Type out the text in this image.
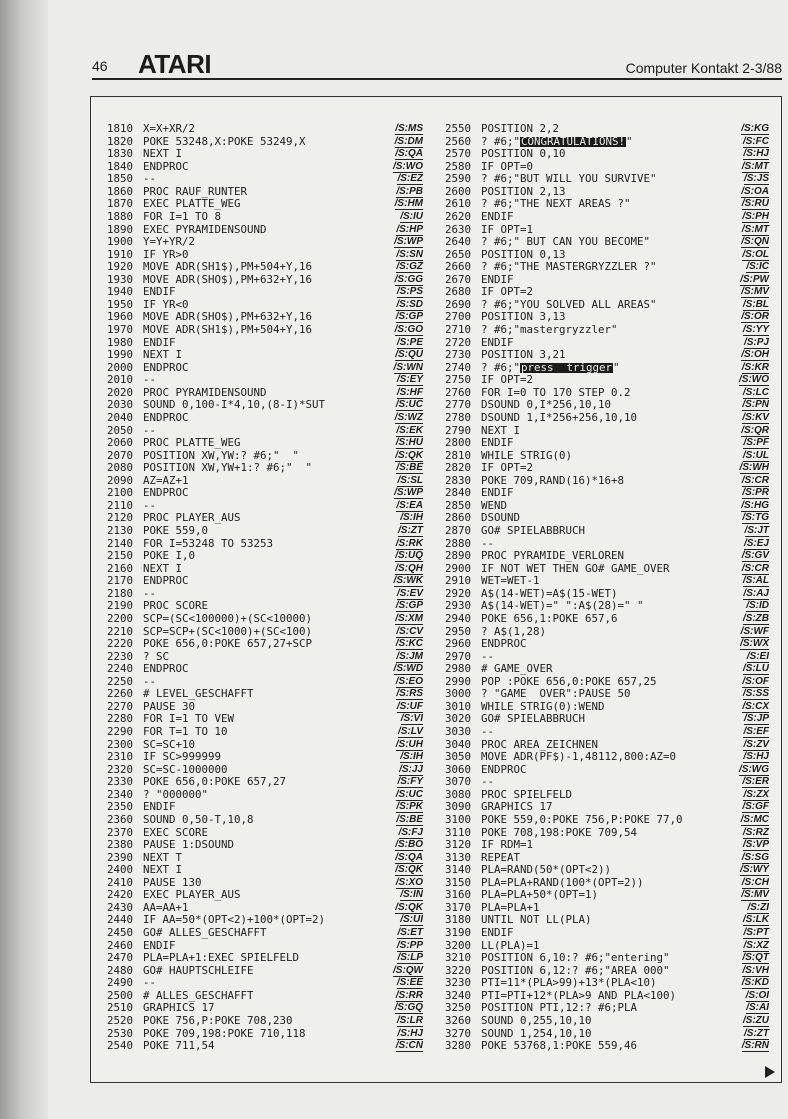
46 ATARI	Computer Kontakt 2-3/88
1810 X=X+XR/2	/S:MS
1820 POKE 53248,X:POKE 53249,X	/S:DM
1830 NEXT I	/S:QA
1840 ENDPROC	/S:WO
1850 --	/S:EZ
1860 PROC RAUF_RUNTER	/S:PB
1870 EXEC PLATTE_WEG	/S:HM
1880 FOR I=1 TO 8	/S:IU
1890 EXEC PYRAMIDENSOUND	/S:HP
1900 Y=Y+YR/2	/S:WP
1910 IF YR>0	/S:SN
1920 MOVE ADR(SH1$),PM+504+Y,16	/S:GZ
1930 MOVE ADR(SHO$),PM+632+Y,16	/S:GG
1940 ENDIF	/S:PS
1950 IF YR<0	/S:SD
1960 MOVE ADR(SHO$),PM+632+Y,16	/S:GP
1970 MOVE ADR(SH1$),PM+504+Y,16	/S:GO
1980 ENDIF	/S:PE
1990 NEXT I	/S:QU
2000 ENDPROC	/S:WN
2010 --	/S:EY
2020 PROC PYRAMIDENSOUND	/S:HF
2030 SOUND 0,100-I*4,10,(8-I)*SUT	/S:UC
2040 ENDPROC	/S:WZ
2050 --	/S:EK
2060 PROC PLATTE_WEG	/S:HU
2070 POSITION XW,YW:? #6;"  "	/S:QK
2080 POSITION XW,YW+1:? #6;"  "	/S:BE
2090 AZ=AZ+1	/S:SL
2100 ENDPROC	/S:WP
2110 --	/S:EA
2120 PROC PLAYER_AUS	/S:IH
2130 POKE 559,0	/S:ZT
2140 FOR I=53248 TO 53253	/S:RK
2150 POKE I,0	/S:UQ
2160 NEXT I	/S:QH
2170 ENDPROC	/S:WK
2180 --	/S:EV
2190 PROC SCORE	/S:GP
2200 SCP=(SC<100000)+(SC<10000)	/S:XM
2210 SCP=SCP+(SC<1000)+(SC<100)	/S:CV
2220 POKE 656,0:POKE 657,27+SCP	/S:KC
2230 ? SC	/S:JM
2240 ENDPROC	/S:WD
2250 --	/S:EO
2260 # LEVEL_GESCHAFFT	/S:RS
2270 PAUSE 30	/S:UF
2280 FOR I=1 TO VEW	/S:VI
2290 FOR T=1 TO 10	/S:LV
2300 SC=SC+10	/S:UH
2310 IF SC>999999	/S:IH
2320 SC=SC-1000000	/S:JJ
2330 POKE 656,0:POKE 657,27	/S:FY
2340 ? "000000"	/S:UC
2350 ENDIF	/S:PK
2360 SOUND 0,50-T,10,8	/S:BE
2370 EXEC SCORE	/S:FJ
2380 PAUSE 1:DSOUND	/S:BO
2390 NEXT T	/S:QA
2400 NEXT I	/S:QK
2410 PAUSE 130	/S:XO
2420 EXEC PLAYER_AUS	/S:IN
2430 AA=AA+1	/S:QK
2440 IF AA=50*(OPT<2)+100*(OPT=2)	/S:UI
2450 GO# ALLES_GESCHAFFT	/S:ET
2460 ENDIF	/S:PP
2470 PLA=PLA+1:EXEC SPIELFELD	/S:LP
2480 GO# HAUPTSCHLEIFE	/S:QW
2490 --	/S:EE
2500 # ALLES_GESCHAFFT	/S:RR
2510 GRAPHICS 17	/S:GQ
2520 POKE 756,P:POKE 708,230	/S:LR
2530 POKE 709,198:POKE 710,118	/S:HJ
2540 POKE 711,54	/S:CN
2550 POSITION 2,2	/S:KG
2560 ? #6;"CONGRATULATIONS!"	/S:FC
2570 POSITION 0,10	/S:HJ
2580 IF OPT=0	/S:MT
2590 ? #6;"BUT WILL YOU SURVIVE"	/S:JS
2600 POSITION 2,13	/S:OA
2610 ? #6;"THE NEXT AREAS ?"	/S:RU
2620 ENDIF	/S:PH
2630 IF OPT=1	/S:MT
2640 ? #6;" BUT CAN YOU BECOME"	/S:QN
2650 POSITION 0,13	/S:OL
2660 ? #6;"THE MASTERGRYZZLER ?"	/S:IC
2670 ENDIF	/S:PW
2680 IF OPT=2	/S:MV
2690 ? #6;"YOU SOLVED ALL AREAS"	/S:BL
2700 POSITION 3,13	/S:OR
2710 ? #6;"mastergryzzler"	/S:YY
2720 ENDIF	/S:PJ
2730 POSITION 3,21	/S:OH
2740 ? #6;"press  trigger"	/S:KR
2750 IF OPT=2	/S:WO
2760 FOR I=0 TO 170 STEP 0.2	/S:LC
2770 DSOUND 0,I*256,10,10	/S:PN
2780 DSOUND 1,I*256+256,10,10	/S:KV
2790 NEXT I	/S:QR
2800 ENDIF	/S:PF
2810 WHILE STRIG(0)	/S:UL
2820 IF OPT=2	/S:WH
2830 POKE 709,RAND(16)*16+8	/S:CR
2840 ENDIF	/S:PR
2850 WEND	/S:HG
2860 DSOUND	/S:TG
2870 GO# SPIELABBRUCH	/S:JT
2880 --	/S:EJ
2890 PROC PYRAMIDE_VERLOREN	/S:GV
2900 IF NOT WET THEN GO# GAME_OVER	/S:CR
2910 WET=WET-1	/S:AL
2920 A$(14-WET)=A$(15-WET)	/S:AJ
2930 A$(14-WET)=" ":A$(28)=" "	/S:ID
2940 POKE 656,1:POKE 657,6	/S:ZB
2950 ? A$(1,28)	/S:WF
2960 ENDPROC	/S:WX
2970 --	/S:EI
2980 # GAME_OVER	/S:LU
2990 POP :POKE 656,0:POKE 657,25	/S:OF
3000 ? "GAME  OVER":PAUSE 50	/S:SS
3010 WHILE STRIG(0):WEND	/S:CX
3020 GO# SPIELABBRUCH	/S:JP
3030 --	/S:EF
3040 PROC AREA_ZEICHNEN	/S:ZV
3050 MOVE ADR(PF$)-1,48112,800:AZ=0	/S:HJ
3060 ENDPROC	/S:WG
3070 --	/S:ER
3080 PROC SPIELFELD	/S:ZX
3090 GRAPHICS 17	/S:GF
3100 POKE 559,0:POKE 756,P:POKE 77,0	/S:MC
3110 POKE 708,198:POKE 709,54	/S:RZ
3120 IF RDM=1	/S:VP
3130 REPEAT	/S:SG
3140 PLA=RAND(50*(OPT<2))	/S:WY
3150 PLA=PLA+RAND(100*(OPT=2))	/S:CH
3160 PLA=PLA+50*(OPT=1)	/S:MV
3170 PLA=PLA+1	/S:ZI
3180 UNTIL NOT LL(PLA)	/S:LK
3190 ENDIF	/S:PT
3200 LL(PLA)=1	/S:XZ
3210 POSITION 6,10:? #6;"entering"	/S:QT
3220 POSITION 6,12:? #6;"AREA 000"	/S:VH
3230 PTI=11*(PLA>99)+13*(PLA<10)	/S:KD
3240 PTI=PTI+12*(PLA>9 AND PLA<100)	/S:OI
3250 POSITION PTI,12:? #6;PLA	/S:AI
3260 SOUND 0,255,10,10	/S:ZU
3270 SOUND 1,254,10,10	/S:ZT
3280 POKE 53768,1:POKE 559,46	/S:RN
